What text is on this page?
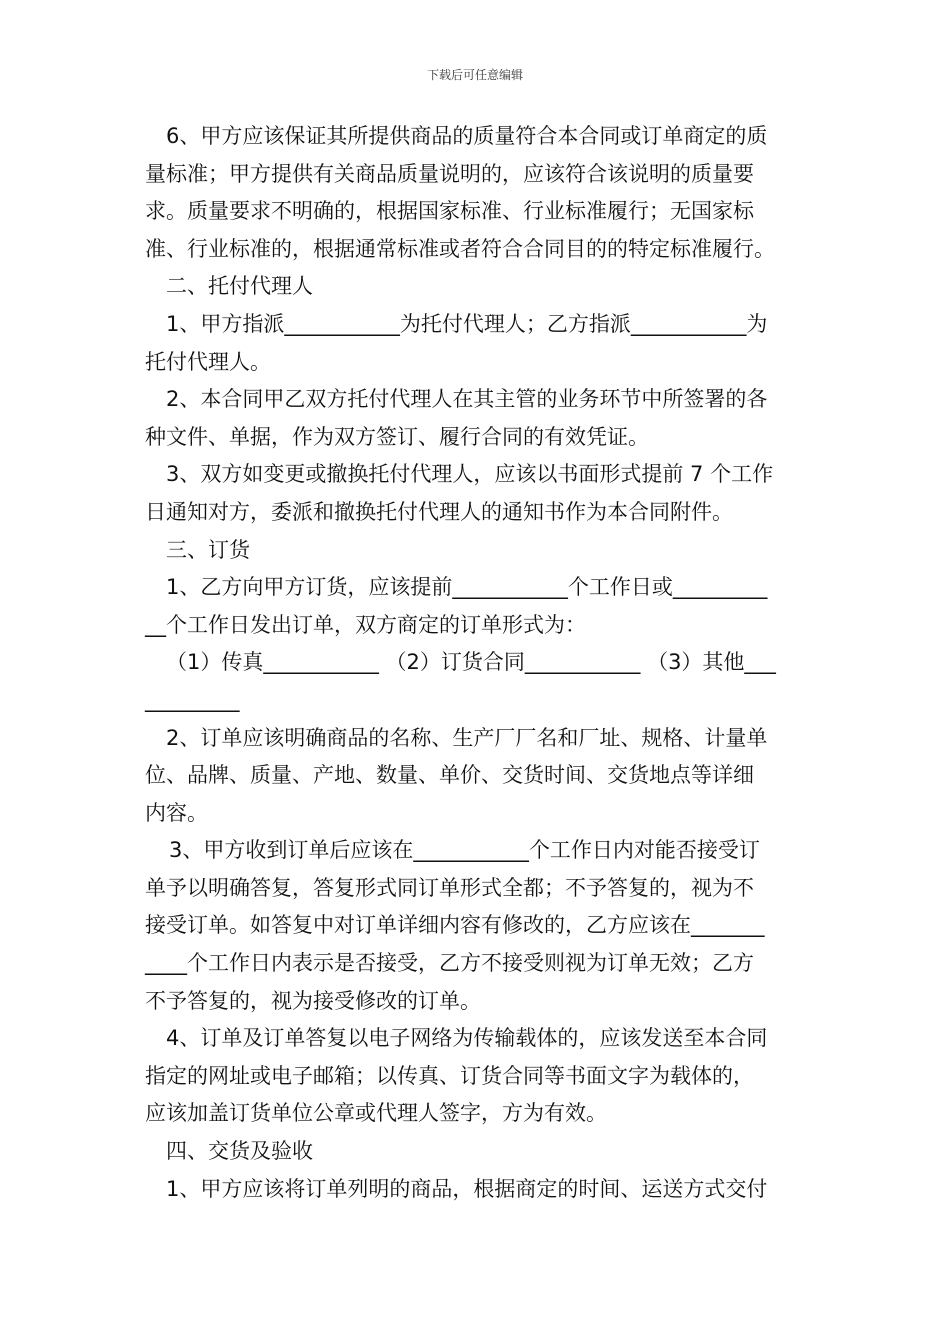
下载后可任意编辑
6、甲方应该保证其所提供商品的质量符合本合同或订单商定的质
量标准；甲方提供有关商品质量说明的，应该符合该说明的质量要
求。质量要求不明确的，根据国家标准、行业标准履行；无国家标
准、行业标准的，根据通常标准或者符合合同目的的特定标准履行。
二、托付代理人
1、甲方指派___________为托付代理人；乙方指派___________为
托付代理人。
2、本合同甲乙双方托付代理人在其主管的业务环节中所签署的各
种文件、单据，作为双方签订、履行合同的有效凭证。
3、双方如变更或撤换托付代理人，应该以书面形式提前 7 个工作
日通知对方，委派和撤换托付代理人的通知书作为本合同附件。
三、订货
1、乙方向甲方订货，应该提前___________个工作日或_________
__个工作日发出订单，双方商定的订单形式为：
（1）传真___________ （2）订货合同___________ （3）其他___
_________
2、订单应该明确商品的名称、生产厂厂名和厂址、规格、计量单
位、品牌、质量、产地、数量、单价、交货时间、交货地点等详细
内容。
3、甲方收到订单后应该在___________个工作日内对能否接受订
单予以明确答复，答复形式同订单形式全都；不予答复的，视为不
接受订单。如答复中对订单详细内容有修改的，乙方应该在_______
____个工作日内表示是否接受，乙方不接受则视为订单无效；乙方
不予答复的，视为接受修改的订单。
4、订单及订单答复以电子网络为传输载体的，应该发送至本合同
指定的网址或电子邮箱；以传真、订货合同等书面文字为载体的，
应该加盖订货单位公章或代理人签字，方为有效。
四、交货及验收
1、甲方应该将订单列明的商品，根据商定的时间、运送方式交付
